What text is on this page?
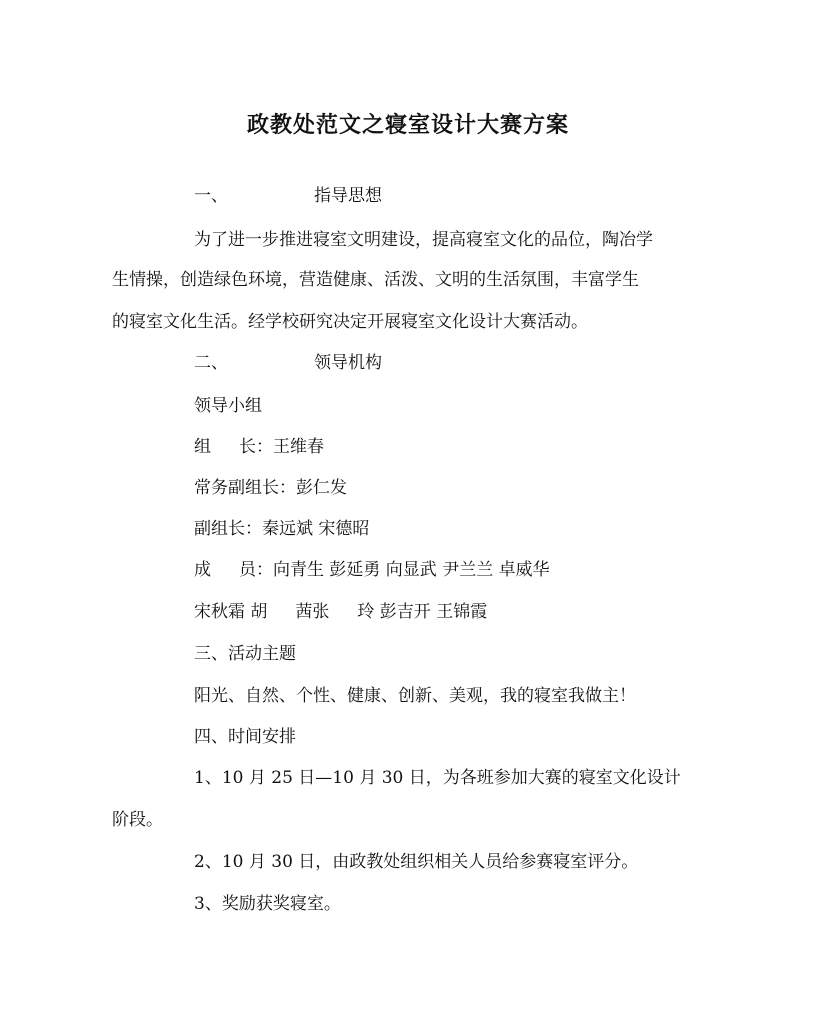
政教处范文之寝室设计大赛方案
一、	指导思想
为了进一步推进寝室文明建设，提高寝室文化的品位，陶冶学
生情操，创造绿色环境，营造健康、活泼、文明的生活氛围，丰富学生
的寝室文化生活。经学校研究决定开展寝室文化设计大赛活动。
二、	领导机构
领导小组
组 长：王维春
常务副组长：彭仁发
副组长：秦远斌 宋德昭
成 员：向青生 彭延勇 向显武 尹兰兰 卓威华
宋秋霜 胡 茜张 玲 彭吉开 王锦霞
三、活动主题
阳光、自然、个性、健康、创新、美观，我的寝室我做主！
四、时间安排
1、10 月 25 日—10 月 30 日，为各班参加大赛的寝室文化设计
阶段。
2、10 月 30 日，由政教处组织相关人员给参赛寝室评分。
3、奖励获奖寝室。
